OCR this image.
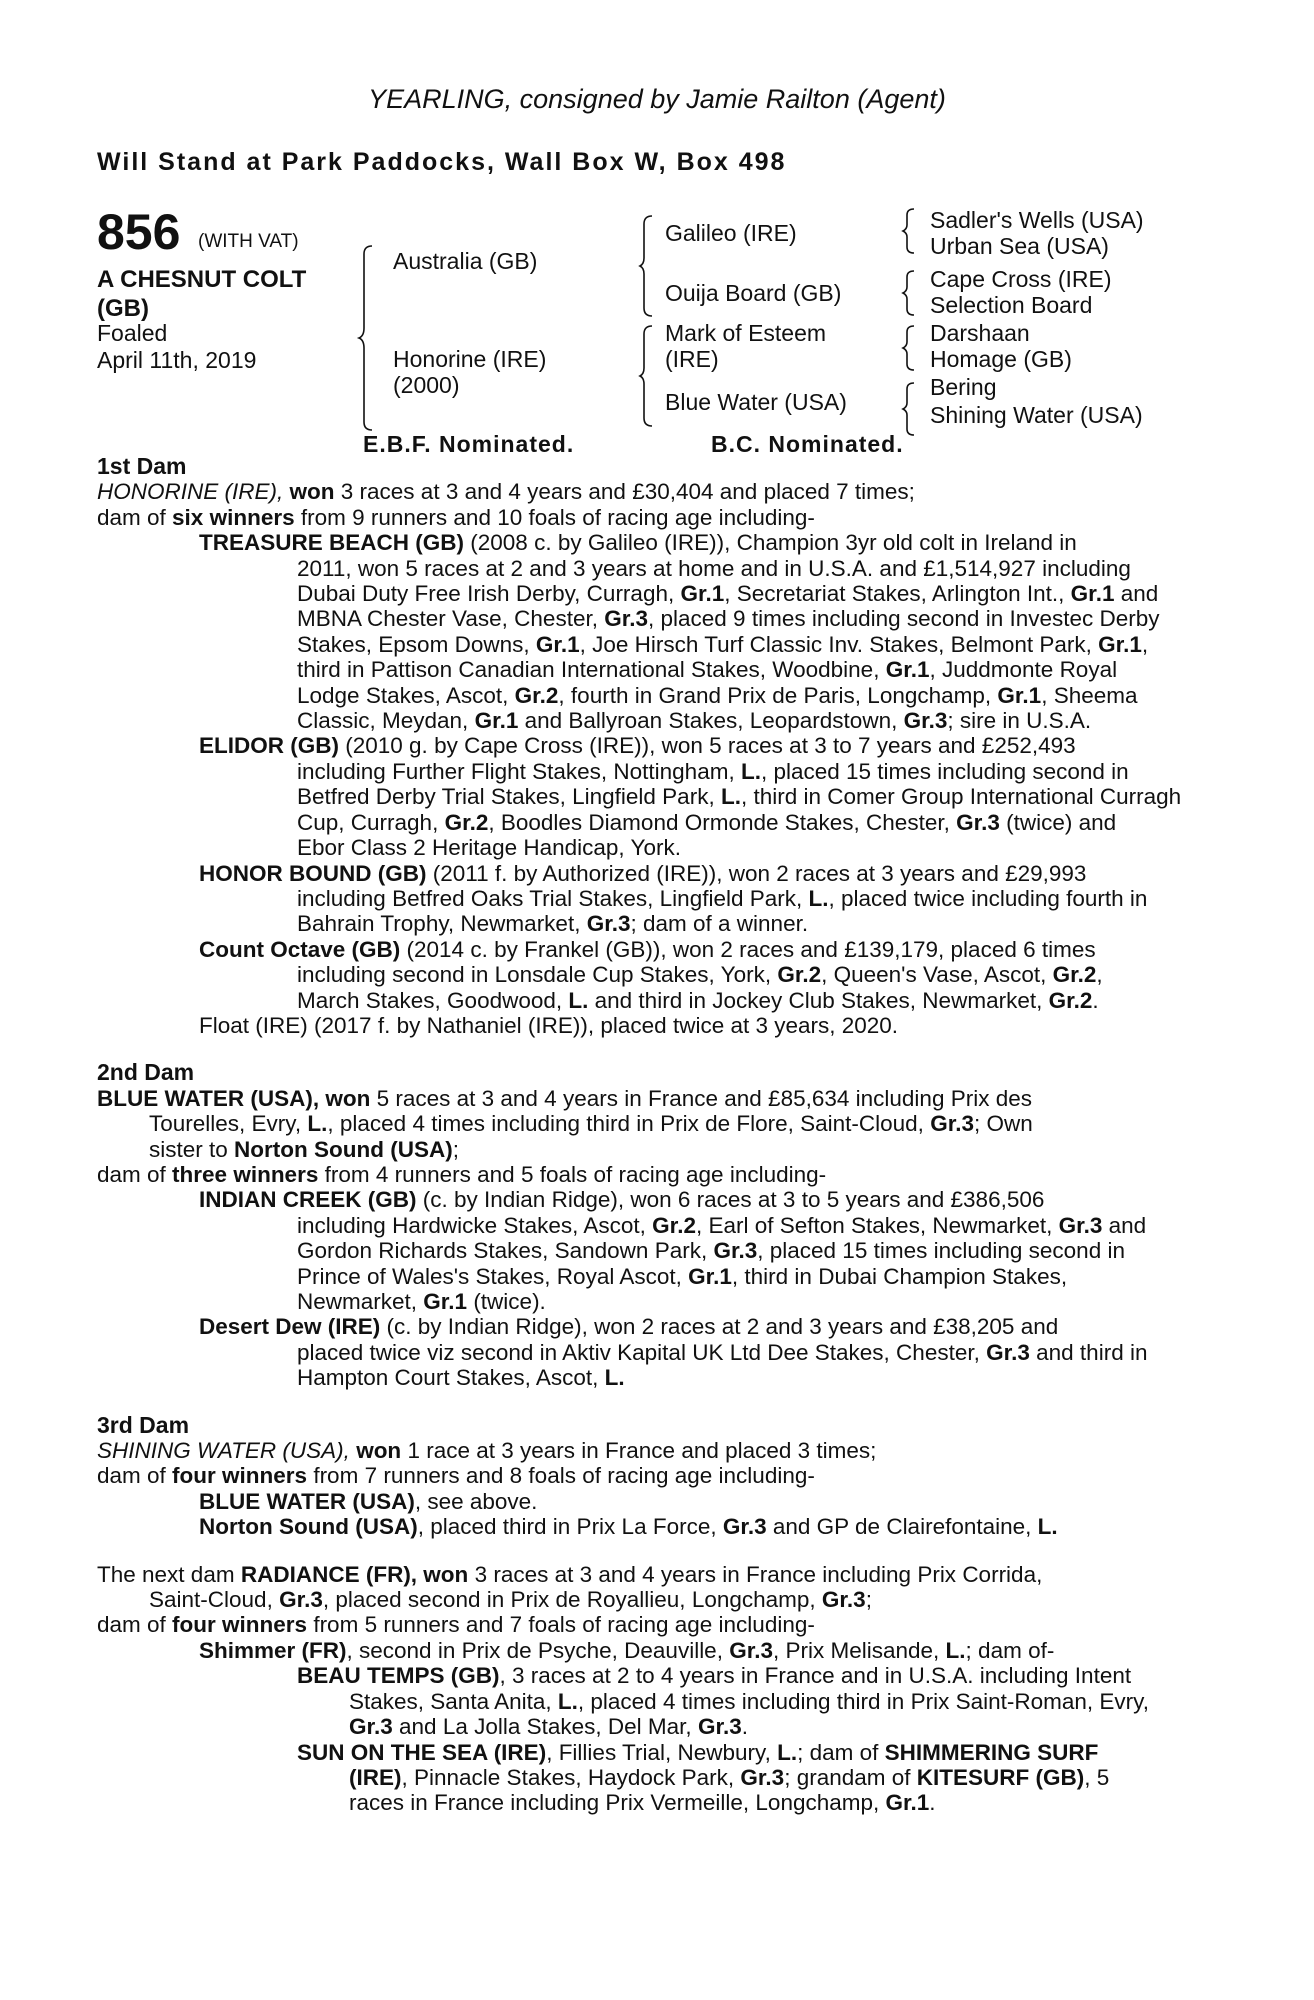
YEARLING, consigned by Jamie Railton (Agent)
Will Stand at Park Paddocks, Wall Box W, Box 498
856 (WITH VAT)
A CHESNUT COLT
(GB)
Foaled
April 11th, 2019
Australia (GB)
Honorine (IRE)
(2000)
Galileo (IRE)
Ouija Board (GB)
Mark of Esteem
(IRE)
Blue Water (USA)
Sadler's Wells (USA)
Urban Sea (USA)
Cape Cross (IRE)
Selection Board
Darshaan
Homage (GB)
Bering
Shining Water (USA)
E.B.F. Nominated.	B.C. Nominated.
1st Dam
HONORINE (IRE), won 3 races at 3 and 4 years and £30,404 and placed 7 times;
dam of six winners from 9 runners and 10 foals of racing age including-
TREASURE BEACH (GB) (2008 c. by Galileo (IRE)), Champion 3yr old colt in Ireland in
2011, won 5 races at 2 and 3 years at home and in U.S.A. and £1,514,927 including
Dubai Duty Free Irish Derby, Curragh, Gr.1, Secretariat Stakes, Arlington Int., Gr.1 and
MBNA Chester Vase, Chester, Gr.3, placed 9 times including second in Investec Derby
Stakes, Epsom Downs, Gr.1, Joe Hirsch Turf Classic Inv. Stakes, Belmont Park, Gr.1,
third in Pattison Canadian International Stakes, Woodbine, Gr.1, Juddmonte Royal
Lodge Stakes, Ascot, Gr.2, fourth in Grand Prix de Paris, Longchamp, Gr.1, Sheema
Classic, Meydan, Gr.1 and Ballyroan Stakes, Leopardstown, Gr.3; sire in U.S.A.
ELIDOR (GB) (2010 g. by Cape Cross (IRE)), won 5 races at 3 to 7 years and £252,493
including Further Flight Stakes, Nottingham, L., placed 15 times including second in
Betfred Derby Trial Stakes, Lingfield Park, L., third in Comer Group International Curragh
Cup, Curragh, Gr.2, Boodles Diamond Ormonde Stakes, Chester, Gr.3 (twice) and
Ebor Class 2 Heritage Handicap, York.
HONOR BOUND (GB) (2011 f. by Authorized (IRE)), won 2 races at 3 years and £29,993
including Betfred Oaks Trial Stakes, Lingfield Park, L., placed twice including fourth in
Bahrain Trophy, Newmarket, Gr.3; dam of a winner.
Count Octave (GB) (2014 c. by Frankel (GB)), won 2 races and £139,179, placed 6 times
including second in Lonsdale Cup Stakes, York, Gr.2, Queen's Vase, Ascot, Gr.2,
March Stakes, Goodwood, L. and third in Jockey Club Stakes, Newmarket, Gr.2.
Float (IRE) (2017 f. by Nathaniel (IRE)), placed twice at 3 years, 2020.
2nd Dam
BLUE WATER (USA), won 5 races at 3 and 4 years in France and £85,634 including Prix des
Tourelles, Evry, L., placed 4 times including third in Prix de Flore, Saint-Cloud, Gr.3; Own
sister to Norton Sound (USA);
dam of three winners from 4 runners and 5 foals of racing age including-
INDIAN CREEK (GB) (c. by Indian Ridge), won 6 races at 3 to 5 years and £386,506
including Hardwicke Stakes, Ascot, Gr.2, Earl of Sefton Stakes, Newmarket, Gr.3 and
Gordon Richards Stakes, Sandown Park, Gr.3, placed 15 times including second in
Prince of Wales's Stakes, Royal Ascot, Gr.1, third in Dubai Champion Stakes,
Newmarket, Gr.1 (twice).
Desert Dew (IRE) (c. by Indian Ridge), won 2 races at 2 and 3 years and £38,205 and
placed twice viz second in Aktiv Kapital UK Ltd Dee Stakes, Chester, Gr.3 and third in
Hampton Court Stakes, Ascot, L.
3rd Dam
SHINING WATER (USA), won 1 race at 3 years in France and placed 3 times;
dam of four winners from 7 runners and 8 foals of racing age including-
BLUE WATER (USA), see above.
Norton Sound (USA), placed third in Prix La Force, Gr.3 and GP de Clairefontaine, L.
The next dam RADIANCE (FR), won 3 races at 3 and 4 years in France including Prix Corrida,
Saint-Cloud, Gr.3, placed second in Prix de Royallieu, Longchamp, Gr.3;
dam of four winners from 5 runners and 7 foals of racing age including-
Shimmer (FR), second in Prix de Psyche, Deauville, Gr.3, Prix Melisande, L.; dam of-
BEAU TEMPS (GB), 3 races at 2 to 4 years in France and in U.S.A. including Intent
Stakes, Santa Anita, L., placed 4 times including third in Prix Saint-Roman, Evry,
Gr.3 and La Jolla Stakes, Del Mar, Gr.3.
SUN ON THE SEA (IRE), Fillies Trial, Newbury, L.; dam of SHIMMERING SURF
(IRE), Pinnacle Stakes, Haydock Park, Gr.3; grandam of KITESURF (GB), 5
races in France including Prix Vermeille, Longchamp, Gr.1.
